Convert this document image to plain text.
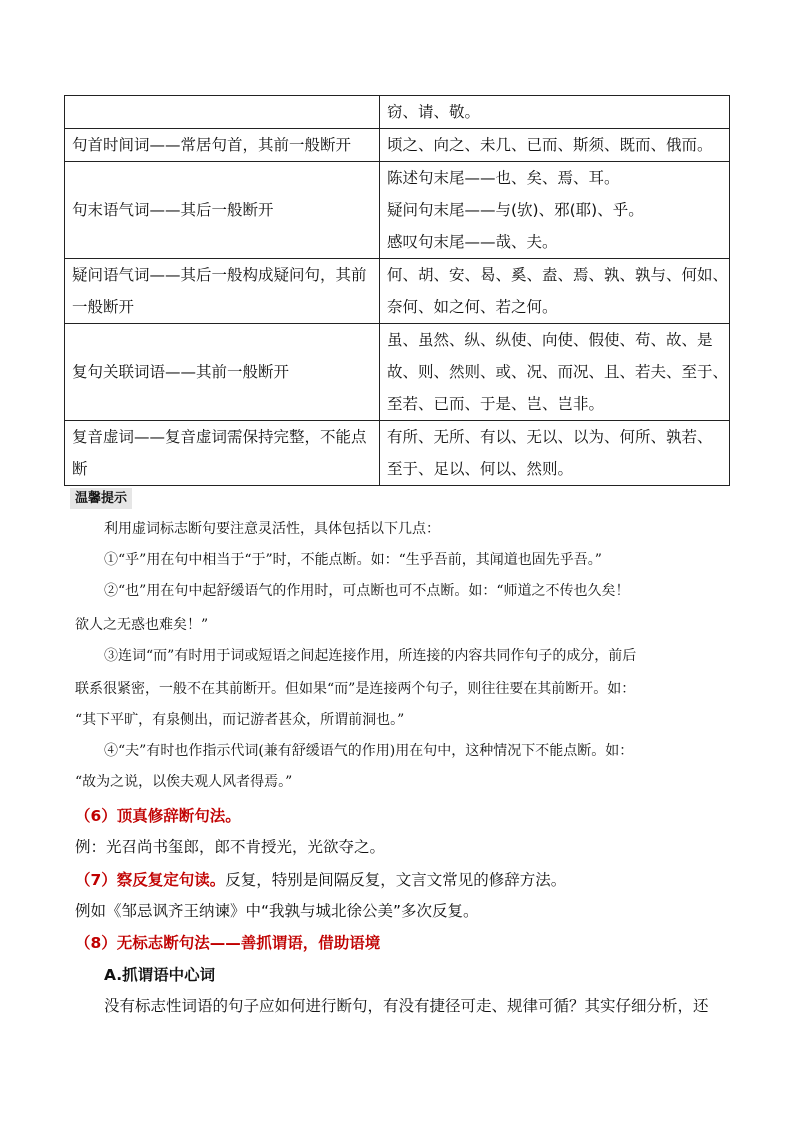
	窃、请、敬。

句首时间词——常居句首，其前一般断开	顷之、向之、未几、已而、斯须、既而、俄而。

句末语气词——其后一般断开	陈述句末尾——也、矣、焉、耳。
疑问句末尾——与(欤)、邪(耶)、乎。
感叹句末尾——哉、夫。

疑问语气词——其后一般构成疑问句，其前
一般断开	何、胡、安、曷、奚、盍、焉、孰、孰与、何如、
奈何、如之何、若之何。

复句关联词语——其前一般断开	虽、虽然、纵、纵使、向使、假使、苟、故、是
故、则、然则、或、况、而况、且、若夫、至于、
至若、已而、于是、岂、岂非。

复音虚词——复音虚词需保持完整，不能点
断	有所、无所、有以、无以、以为、何所、孰若、
至于、足以、何以、然则。
温馨提示
利用虚词标志断句要注意灵活性，具体包括以下几点：
①“乎”用在句中相当于“于”时，不能点断。如：“生乎吾前，其闻道也固先乎吾。”
②“也”用在句中起舒缓语气的作用时，可点断也可不点断。如：“师道之不传也久矣！
欲人之无惑也难矣！”
③连词“而”有时用于词或短语之间起连接作用，所连接的内容共同作句子的成分，前后
联系很紧密，一般不在其前断开。但如果“而”是连接两个句子，则往往要在其前断开。如：
“其下平旷，有泉侧出，而记游者甚众，所谓前洞也。”
④“夫”有时也作指示代词(兼有舒缓语气的作用)用在句中，这种情况下不能点断。如：
“故为之说，以俟夫观人风者得焉。”
（6）顶真修辞断句法。
例：光召尚书玺郎，郎不肯授光，光欲夺之。
（7）察反复定句读。反复，特别是间隔反复，文言文常见的修辞方法。
例如《邹忌讽齐王纳谏》中“我孰与城北徐公美”多次反复。
（8）无标志断句法——善抓谓语，借助语境
A.抓谓语中心词
没有标志性词语的句子应如何进行断句，有没有捷径可走、规律可循？其实仔细分析，还
